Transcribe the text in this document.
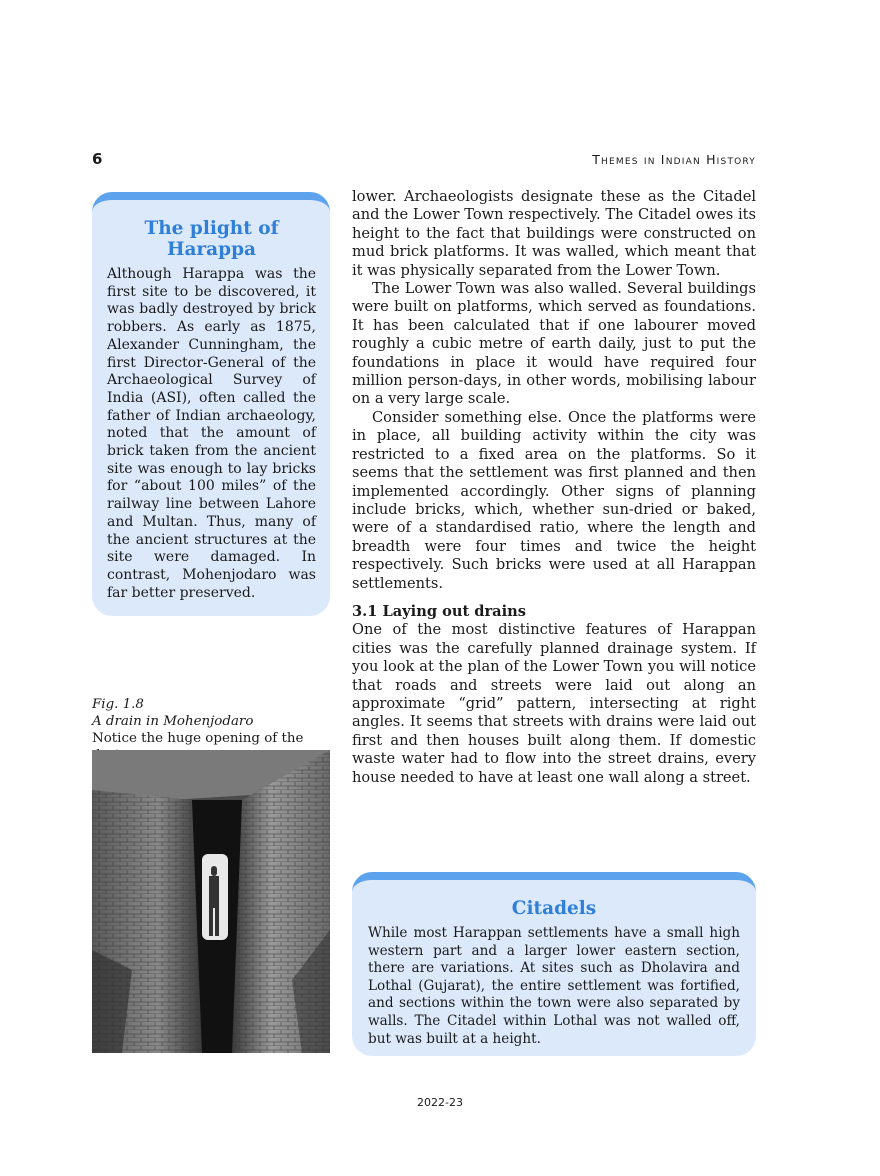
6	Themes in Indian History
The plight of Harappa

Although Harappa was the first site to be discovered, it was badly destroyed by brick robbers. As early as 1875, Alexander Cunningham, the first Director-General of the Archaeological Survey of India (ASI), often called the father of Indian archaeology, noted that the amount of brick taken from the ancient site was enough to lay bricks for “about 100 miles” of the railway line between Lahore and Multan. Thus, many of the ancient structures at the site were damaged. In contrast, Mohenjodaro was far better preserved.

lower. Archaeologists designate these as the Citadel and the Lower Town respectively. The Citadel owes its height to the fact that buildings were constructed on mud brick platforms. It was walled, which meant that it was physically separated from the Lower Town.

The Lower Town was also walled. Several buildings were built on platforms, which served as foundations. It has been calculated that if one labourer moved roughly a cubic metre of earth daily, just to put the foundations in place it would have required four million person-days, in other words, mobilising labour on a very large scale.

Consider something else. Once the platforms were in place, all building activity within the city was restricted to a fixed area on the platforms. So it seems that the settlement was first planned and then implemented accordingly. Other signs of planning include bricks, which, whether sun-dried or baked, were of a standardised ratio, where the length and breadth were four times and twice the height respectively. Such bricks were used at all Harappan settlements.

3.1 Laying out drains

One of the most distinctive features of Harappan cities was the carefully planned drainage system. If you look at the plan of the Lower Town you will notice that roads and streets were laid out along an approximate “grid” pattern, intersecting at right angles. It seems that streets with drains were laid out first and then houses built along them. If domestic waste water had to flow into the street drains, every house needed to have at least one wall along a street.

Fig. 1.8
A drain in Mohenjodaro
Notice the huge opening of the
Citadels

While most Harappan settlements have a small high western part and a larger lower eastern section, there are variations. At sites such as Dholavira and Lothal (Gujarat), the entire settlement was fortified, and sections within the town were also separated by walls. The Citadel within Lothal was not walled off, but was built at a height.

2022-23
